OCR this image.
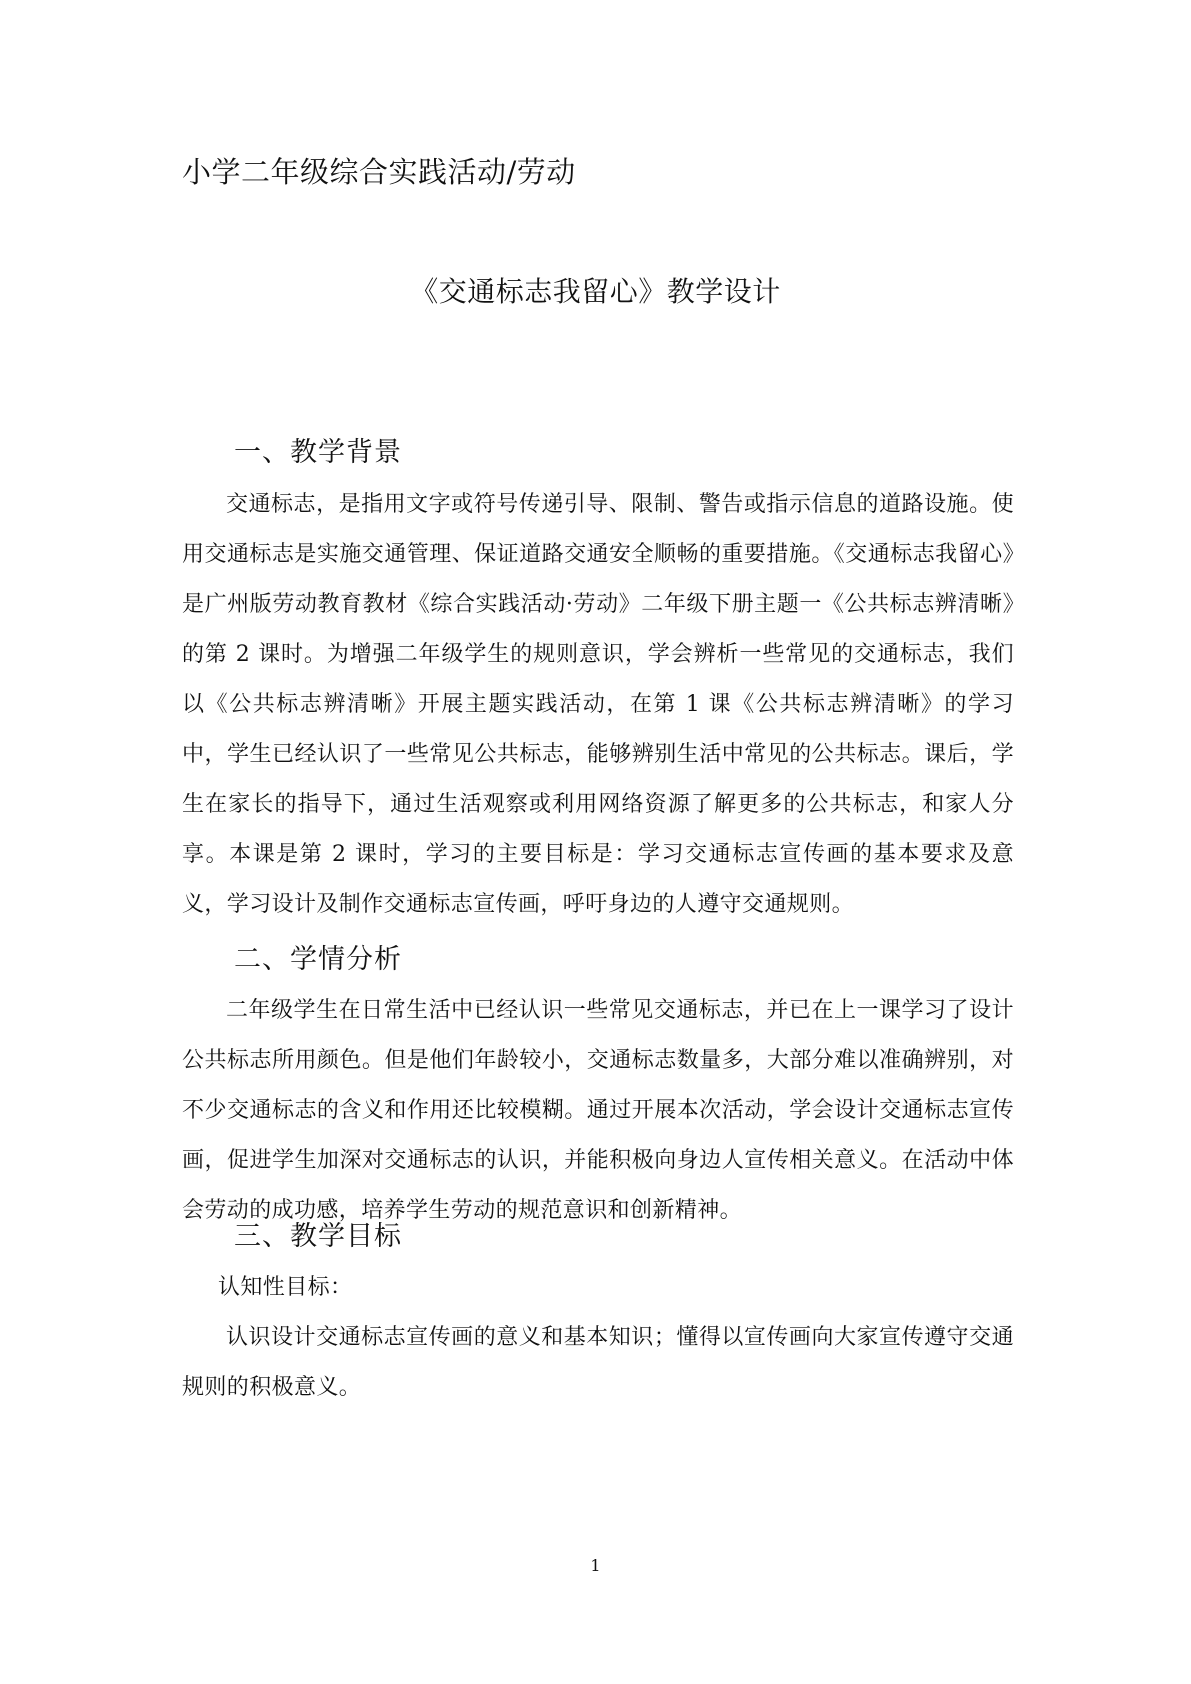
小学二年级综合实践活动/劳动
《交通标志我留心》教学设计
一、教学背景
交通标志，是指用文字或符号传递引导、限制、警告或指示信息的道路设施。使用交通标志是实施交通管理、保证道路交通安全顺畅的重要措施。《交通标志我留心》是广州版劳动教育教材《综合实践活动·劳动》二年级下册主题一《公共标志辨清晰》的第 2 课时。为增强二年级学生的规则意识，学会辨析一些常见的交通标志，我们以《公共标志辨清晰》开展主题实践活动，在第 1 课《公共标志辨清晰》的学习中，学生已经认识了一些常见公共标志，能够辨别生活中常见的公共标志。课后，学生在家长的指导下，通过生活观察或利用网络资源了解更多的公共标志，和家人分享。本课是第 2 课时，学习的主要目标是：学习交通标志宣传画的基本要求及意义，学习设计及制作交通标志宣传画，呼吁身边的人遵守交通规则。
二、学情分析
二年级学生在日常生活中已经认识一些常见交通标志，并已在上一课学习了设计公共标志所用颜色。但是他们年龄较小，交通标志数量多，大部分难以准确辨别，对不少交通标志的含义和作用还比较模糊。通过开展本次活动，学会设计交通标志宣传画，促进学生加深对交通标志的认识，并能积极向身边人宣传相关意义。在活动中体会劳动的成功感，培养学生劳动的规范意识和创新精神。
三、教学目标
认知性目标：
认识设计交通标志宣传画的意义和基本知识；懂得以宣传画向大家宣传遵守交通规则的积极意义。
1
